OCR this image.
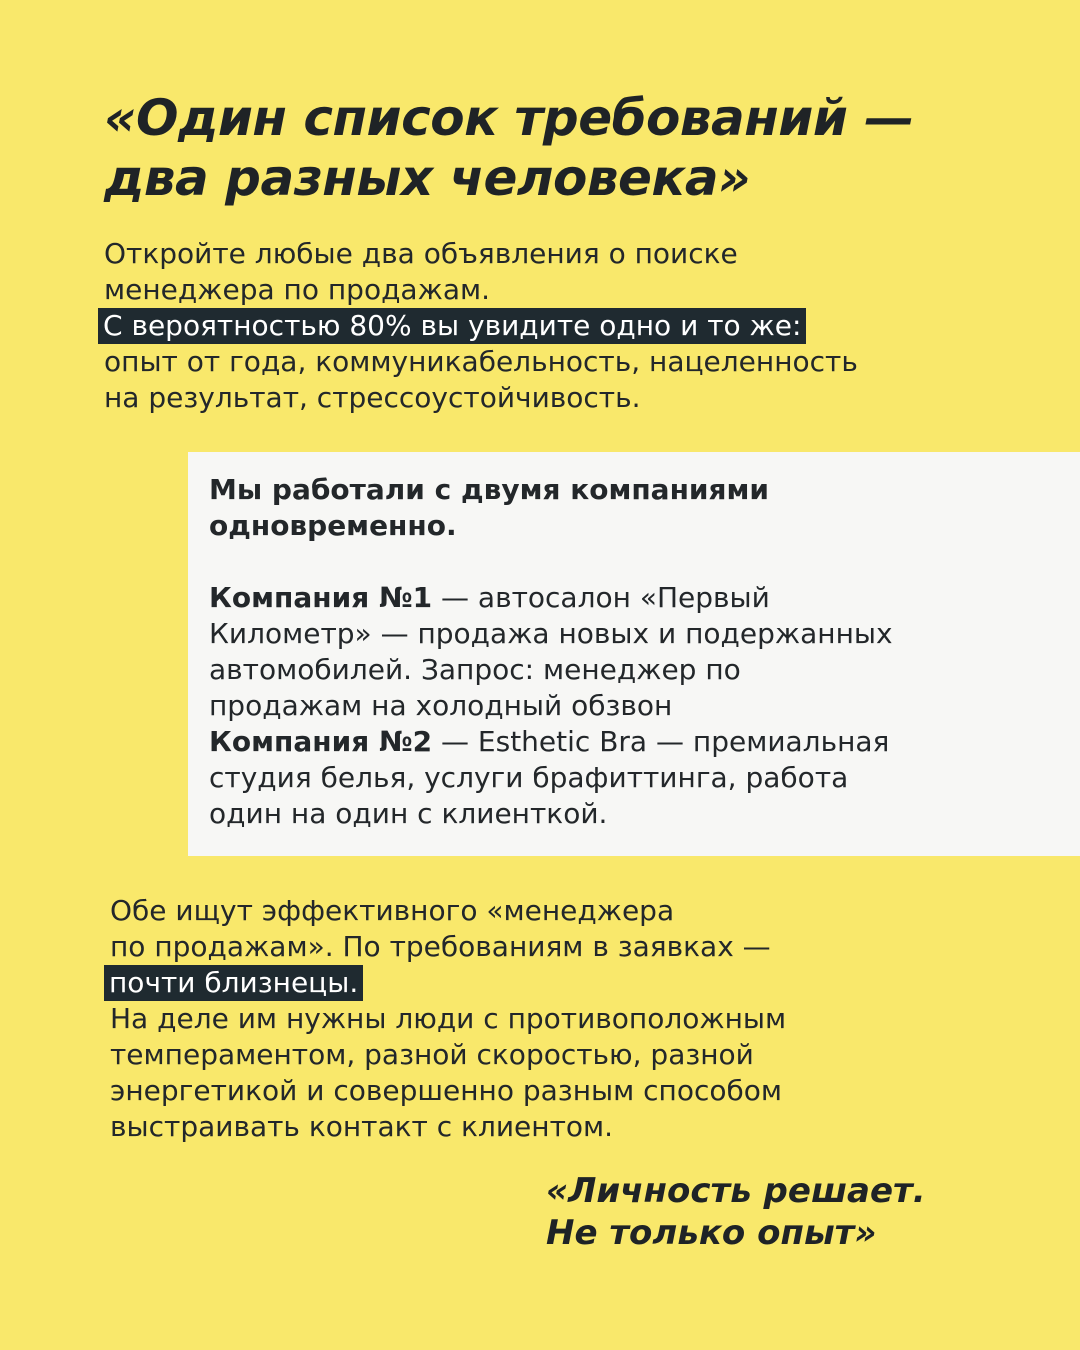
«Один список требований —
два разных человека»
Откройте любые два объявления о поиске
менеджера по продажам.
С вероятностью 80% вы увидите одно и то же:
опыт от года, коммуникабельность, нацеленность
на результат, стрессоустойчивость.
Мы работали с двумя компаниями
одновременно.
Компания №1 — автосалон «Первый
Километр» — продажа новых и подержанных
автомобилей. Запрос: менеджер по
продажам на холодный обзвон
Компания №2 — Esthetic Bra — премиальная
студия белья, услуги брафиттинга, работа
один на один с клиенткой.
Обе ищут эффективного «менеджера
по продажам». По требованиям в заявках —
почти близнецы.
На деле им нужны люди с противоположным
темпераментом, разной скоростью, разной
энергетикой и совершенно разным способом
выстраивать контакт с клиентом.
«Личность решает.
Не только опыт»
